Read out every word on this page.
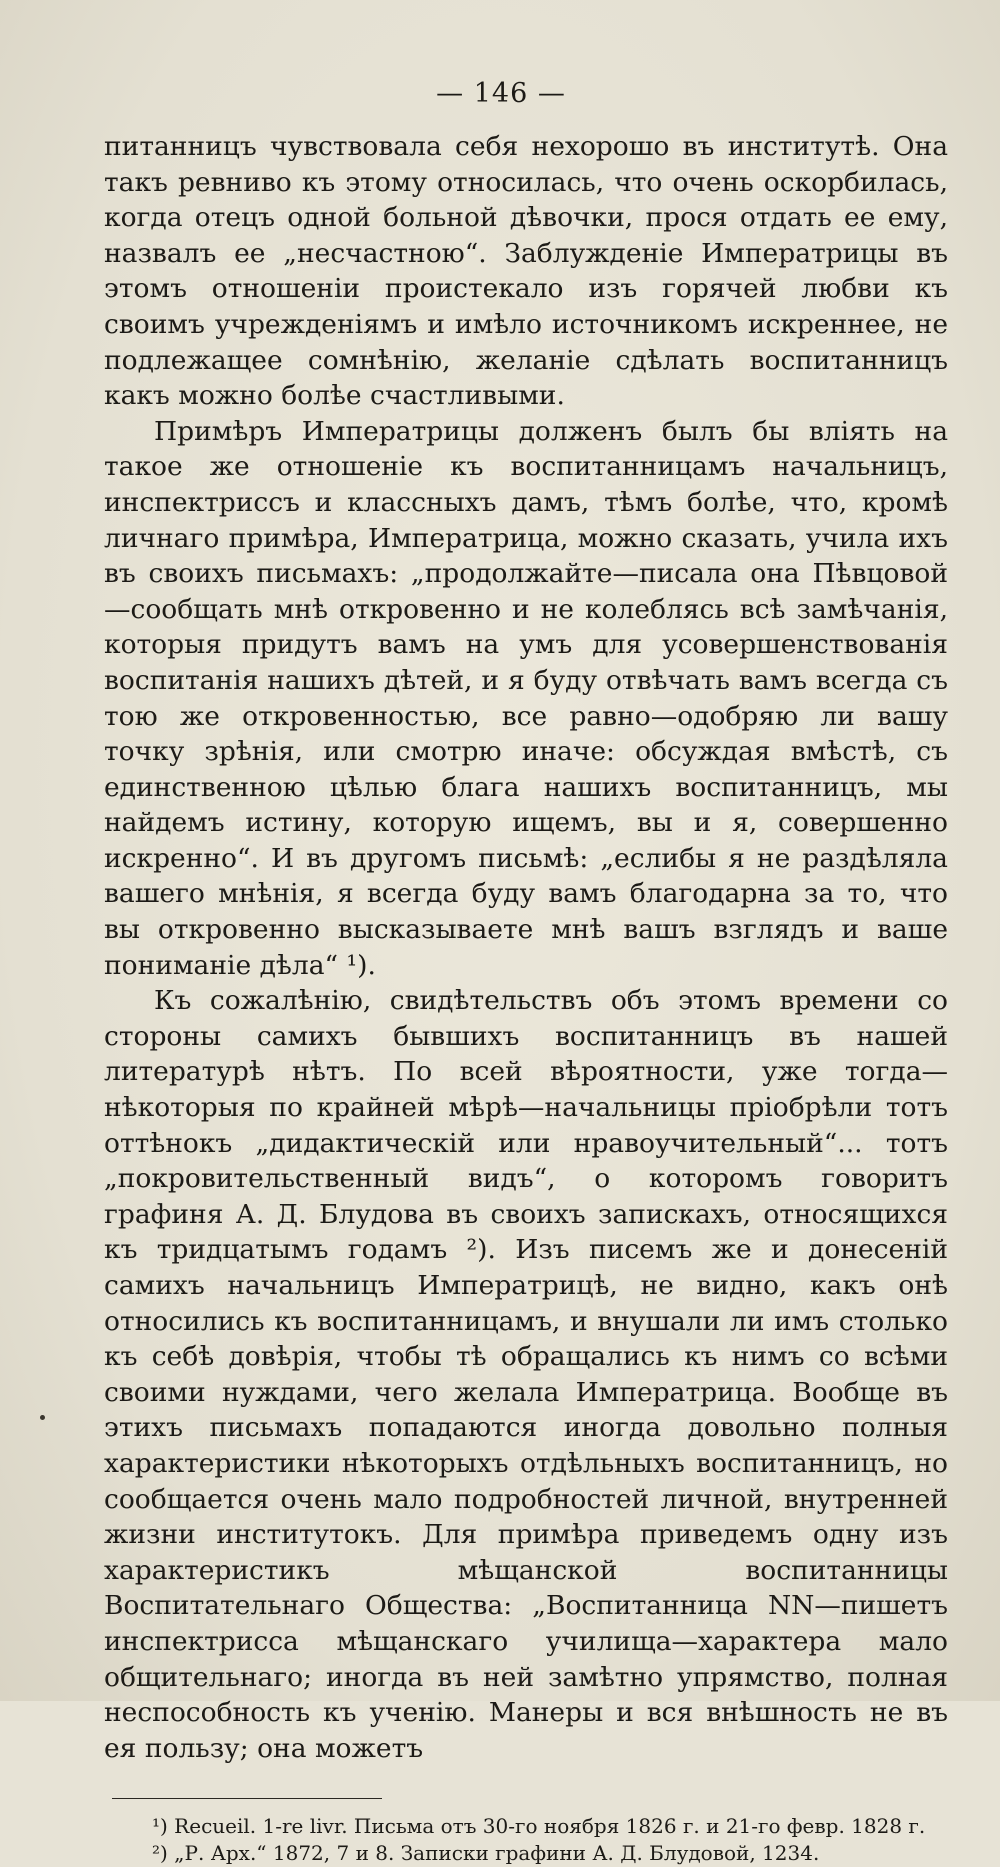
— 146 —

питанницъ чувствовала себя нехорошо въ институтѣ. Она такъ ревниво къ этому относилась, что очень оскорбилась, когда отецъ одной больной дѣвочки, прося отдать ее ему, назвалъ ее „несчастною“. Заблужденіе Императрицы въ этомъ отношеніи проистекало изъ горячей любви къ своимъ учрежденіямъ и имѣло источникомъ искреннее, не подлежащее сомнѣнію, желаніе сдѣлать воспитанницъ какъ можно болѣе счастливыми.

Примѣръ Императрицы долженъ былъ бы вліять на такое же отношеніе къ воспитанницамъ начальницъ, инспектриссъ и классныхъ дамъ, тѣмъ болѣе, что, кромѣ личнаго примѣра, Императрица, можно сказать, учила ихъ въ своихъ письмахъ: „продолжайте—писала она Пѣвцовой—сообщать мнѣ откровенно и не колеблясь всѣ замѣчанія, которыя придутъ вамъ на умъ для усовершенствованія воспитанія нашихъ дѣтей, и я буду отвѣчать вамъ всегда съ тою же откровенностью, все равно—одобряю ли вашу точку зрѣнія, или смотрю иначе: обсуждая вмѣстѣ, съ единственною цѣлью блага нашихъ воспитанницъ, мы найдемъ истину, которую ищемъ, вы и я, совершенно искренно“. И въ другомъ письмѣ: „еслибы я не раздѣляла вашего мнѣнія, я всегда буду вамъ благодарна за то, что вы откровенно высказываете мнѣ вашъ взглядъ и ваше пониманіе дѣла“ ¹).

Къ сожалѣнію, свидѣтельствъ объ этомъ времени со стороны самихъ бывшихъ воспитанницъ въ нашей литературѣ нѣтъ. По всей вѣроятности, уже тогда—нѣкоторыя по крайней мѣрѣ—начальницы пріобрѣли тотъ оттѣнокъ „дидактическій или нравоучительный“... тотъ „покровительственный видъ“, о которомъ говоритъ графиня А. Д. Блудова въ своихъ запискахъ, относящихся къ тридцатымъ годамъ ²). Изъ писемъ же и донесеній самихъ начальницъ Императрицѣ, не видно, какъ онѣ относились къ воспитанницамъ, и внушали ли имъ столько къ себѣ довѣрія, чтобы тѣ обращались къ нимъ со всѣми своими нуждами, чего желала Императрица. Вообще въ этихъ письмахъ попадаются иногда довольно полныя характеристики нѣкоторыхъ отдѣльныхъ воспитанницъ, но сообщается очень мало подробностей личной, внутренней жизни институтокъ. Для примѣра приведемъ одну изъ характеристикъ мѣщанской воспитанницы Воспитательнаго Общества: „Воспитанница NN—пишетъ инспектрисса мѣщанскаго училища—характера мало общительнаго; иногда въ ней замѣтно упрямство, полная неспособность къ ученію. Манеры и вся внѣшность не въ ея пользу; она можетъ

¹) Recueil. 1-re livr. Письма отъ 30-го ноября 1826 г. и 21-го февр. 1828 г.
²) „Р. Арх.“ 1872, 7 и 8. Записки графини А. Д. Блудовой, 1234.
